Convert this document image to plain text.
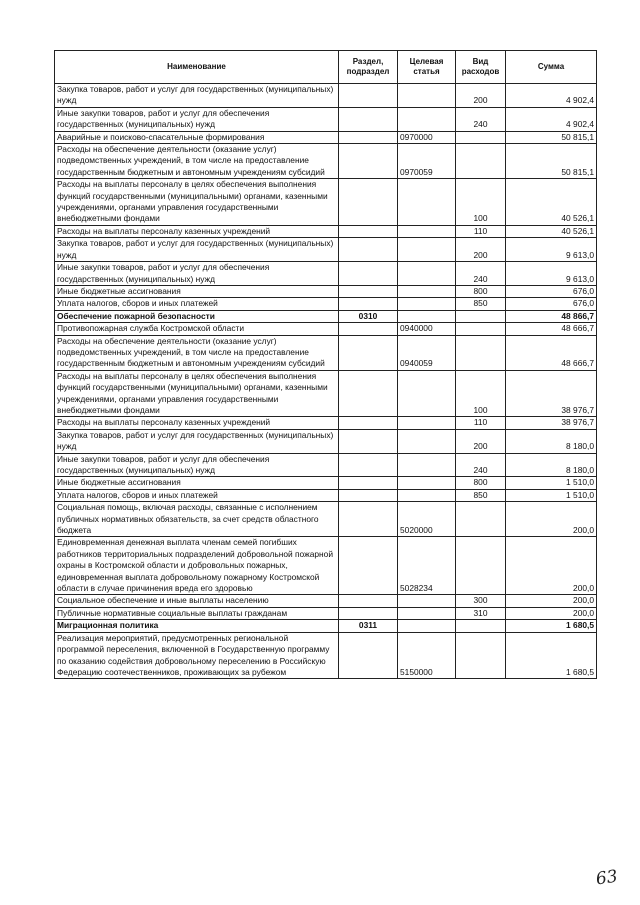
Наименование	Раздел, подраздел	Целевая статья	Вид расходов	Сумма
Закупка товаров, работ и услуг для государственных (муниципальных) нужд			200	4 902,4
Иные закупки товаров, работ и услуг для обеспечения государственных (муниципальных) нужд			240	4 902,4
Аварийные и поисково-спасательные формирования		0970000		50 815,1
Расходы на обеспечение деятельности (оказание услуг) подведомственных учреждений, в том числе на предоставление государственным бюджетным и автономным учреждениям субсидий		0970059		50 815,1
Расходы на выплаты персоналу в целях обеспечения выполнения функций государственными (муниципальными) органами, казенными учреждениями, органами управления государственными внебюджетными фондами			100	40 526,1
Расходы на выплаты персоналу казенных учреждений			110	40 526,1
Закупка товаров, работ и услуг для государственных (муниципальных) нужд			200	9 613,0
Иные закупки товаров, работ и услуг для обеспечения государственных (муниципальных) нужд			240	9 613,0
Иные бюджетные ассигнования			800	676,0
Уплата налогов, сборов и иных платежей			850	676,0
Обеспечение пожарной безопасности	0310			48 866,7
Противопожарная служба Костромской области		0940000		48 666,7
Расходы на обеспечение деятельности (оказание услуг) подведомственных учреждений, в том числе на предоставление государственным бюджетным и автономным учреждениям субсидий		0940059		48 666,7
Расходы на выплаты персоналу в целях обеспечения выполнения функций государственными (муниципальными) органами, казенными учреждениями, органами управления государственными внебюджетными фондами			100	38 976,7
Расходы на выплаты персоналу казенных учреждений			110	38 976,7
Закупка товаров, работ и услуг для государственных (муниципальных) нужд			200	8 180,0
Иные закупки товаров, работ и услуг для обеспечения государственных (муниципальных) нужд			240	8 180,0
Иные бюджетные ассигнования			800	1 510,0
Уплата налогов, сборов и иных платежей			850	1 510,0
Социальная помощь, включая расходы, связанные с исполнением публичных нормативных обязательств, за счет средств областного бюджета		5020000		200,0
Единовременная денежная выплата членам семей погибших работников территориальных подразделений добровольной пожарной охраны в Костромской области и добровольных пожарных, единовременная выплата добровольному пожарному Костромской области в случае причинения вреда его здоровью		5028234		200,0
Социальное обеспечение и иные выплаты населению			300	200,0
Публичные нормативные социальные выплаты гражданам			310	200,0
Миграционная политика	0311			1 680,5
Реализация мероприятий, предусмотренных региональной программой переселения, включенной в Государственную программу по оказанию содействия добровольному переселению в Российскую Федерацию соотечественников, проживающих за рубежом		5150000		1 680,5
63
